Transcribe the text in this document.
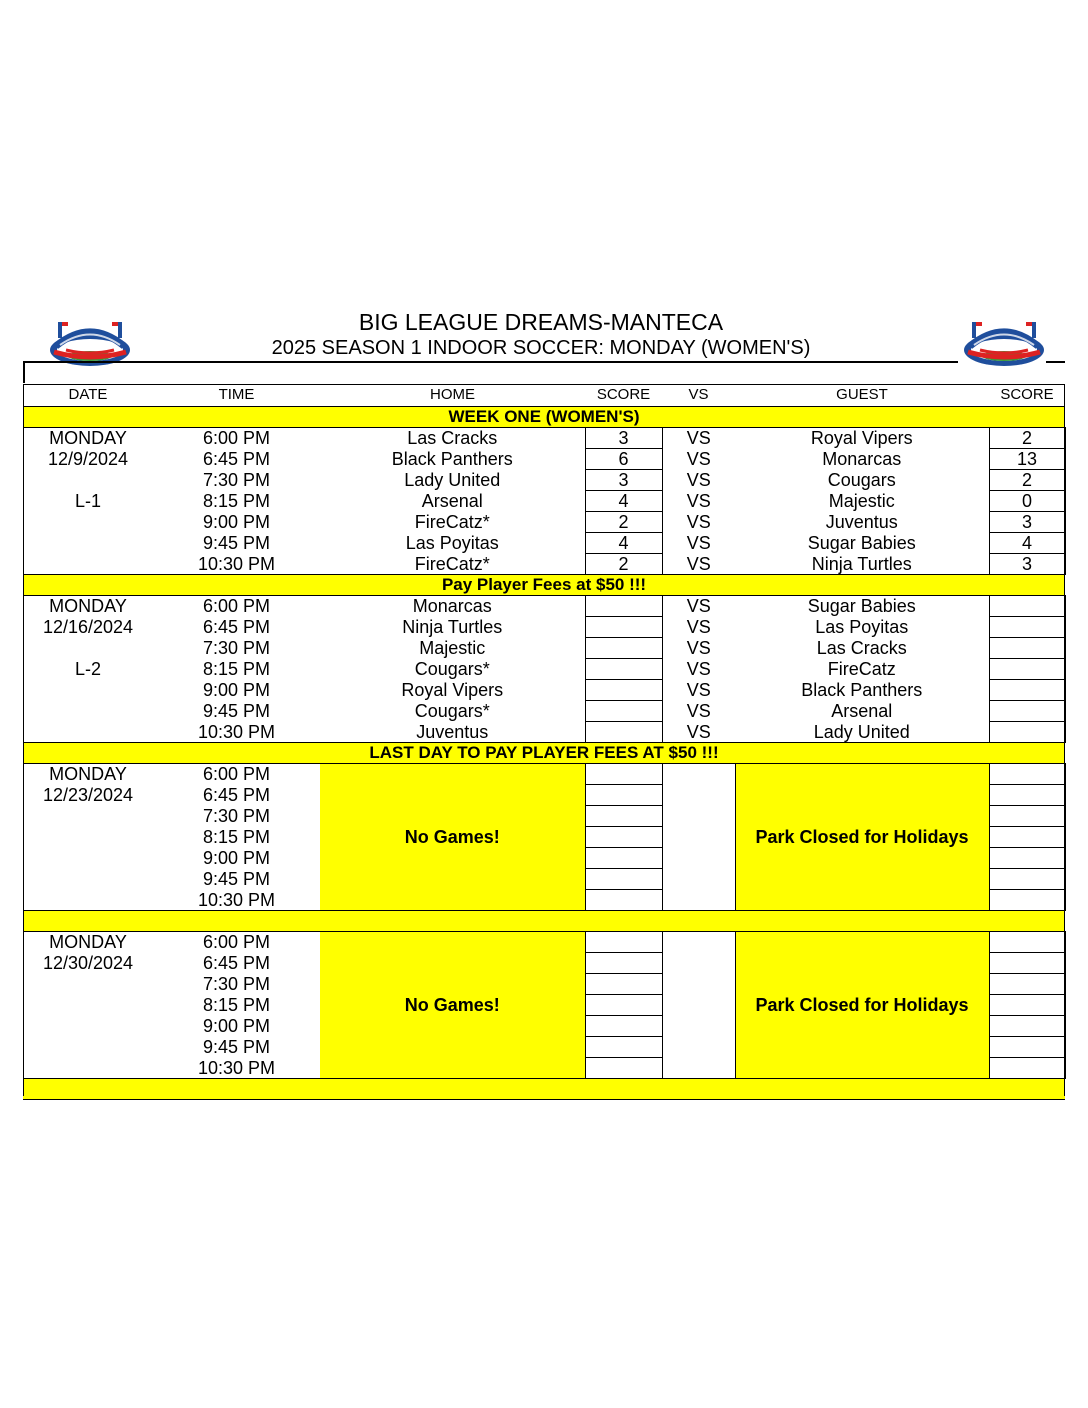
BIG LEAGUE DREAMS-MANTECA
2025 SEASON 1 INDOOR SOCCER: MONDAY (WOMEN'S)
DATE	TIME	HOME	SCORE	VS	GUEST	SCORE
WEEK ONE (WOMEN'S)						
MONDAY	6:00 PM	Las Cracks	3	VS	Royal Vipers	2
12/9/2024	6:45 PM	Black Panthers	6	VS	Monarcas	13
	7:30 PM	Lady United	3	VS	Cougars	2
L-1	8:15 PM	Arsenal	4	VS	Majestic	0
	9:00 PM	FireCatz*	2	VS	Juventus	3
	9:45 PM	Las Poyitas	4	VS	Sugar Babies	4
	10:30 PM	FireCatz*	2	VS	Ninja Turtles	3
Pay Player Fees at $50 !!!						
MONDAY	6:00 PM	Monarcas		VS	Sugar Babies	
12/16/2024	6:45 PM	Ninja Turtles		VS	Las Poyitas	
	7:30 PM	Majestic		VS	Las Cracks	
L-2	8:15 PM	Cougars*		VS	FireCatz	
	9:00 PM	Royal Vipers		VS	Black Panthers	
	9:45 PM	Cougars*		VS	Arsenal	
	10:30 PM	Juventus		VS	Lady United	
LAST DAY TO PAY PLAYER FEES AT $50 !!!						
MONDAY	6:00 PM	No Games!			Park Closed for Holidays	
12/23/2024	6:45 PM					
	7:30 PM					
	8:15 PM					
	9:00 PM					
	9:45 PM					
	10:30 PM					

MONDAY	6:00 PM	No Games!			Park Closed for Holidays	
12/30/2024	6:45 PM					
	7:30 PM					
	8:15 PM					
	9:00 PM					
	9:45 PM					
	10:30 PM					
